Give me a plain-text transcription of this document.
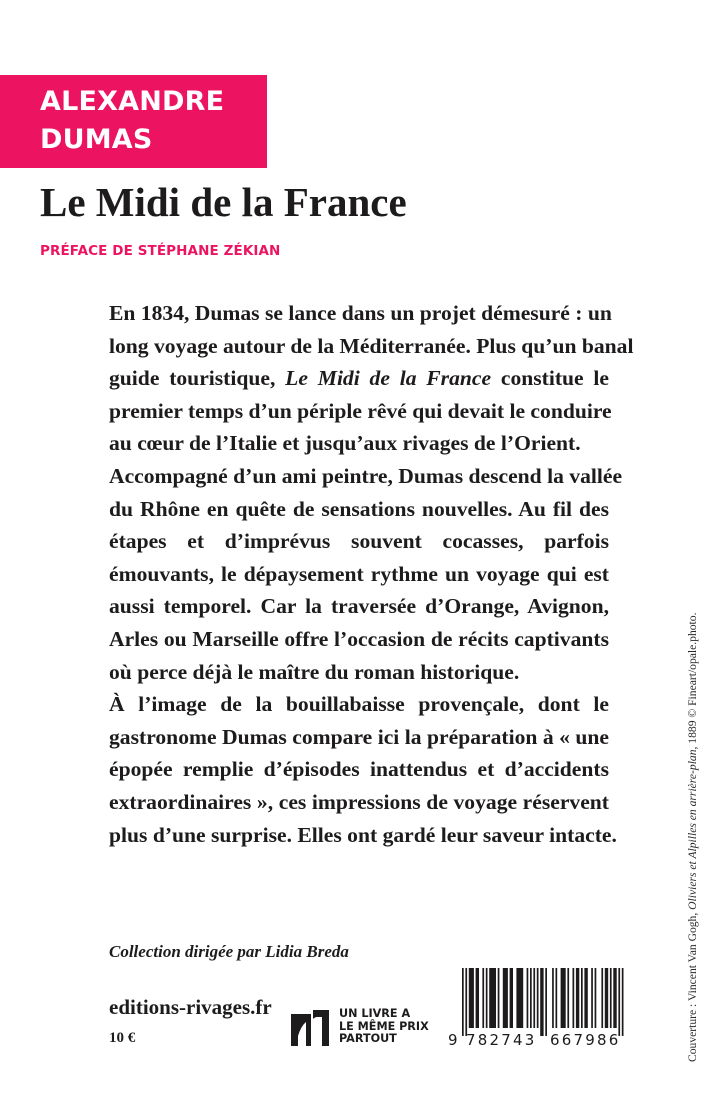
ALEXANDRE
DUMAS
Le Midi de la France
PRÉFACE DE STÉPHANE ZÉKIAN
En 1834, Dumas se lance dans un projet démesuré : un
long voyage autour de la Méditerranée. Plus qu’un banal
guide touristique, Le Midi de la France constitue le
premier temps d’un périple rêvé qui devait le conduire
au cœur de l’Italie et jusqu’aux rivages de l’Orient.
Accompagné d’un ami peintre, Dumas descend la vallée
du Rhône en quête de sensations nouvelles. Au fil des
étapes et d’imprévus souvent cocasses, parfois
émouvants, le dépaysement rythme un voyage qui est
aussi temporel. Car la traversée d’Orange, Avignon,
Arles ou Marseille offre l’occasion de récits captivants
où perce déjà le maître du roman historique.
À l’image de la bouillabaisse provençale, dont le
gastronome Dumas compare ici la préparation à « une
épopée remplie d’épisodes inattendus et d’accidents
extraordinaires », ces impressions de voyage réservent
plus d’une surprise. Elles ont gardé leur saveur intacte.
Collection dirigée par Lidia Breda
editions-rivages.fr
10 €
UN LIVRE A
LE MÊME PRIX
PARTOUT	9 782743 667986	Couverture : Vincent Van Gogh, Oliviers et Alpilles en arrière-plan, 1889 © Fineart/opale.photo.
